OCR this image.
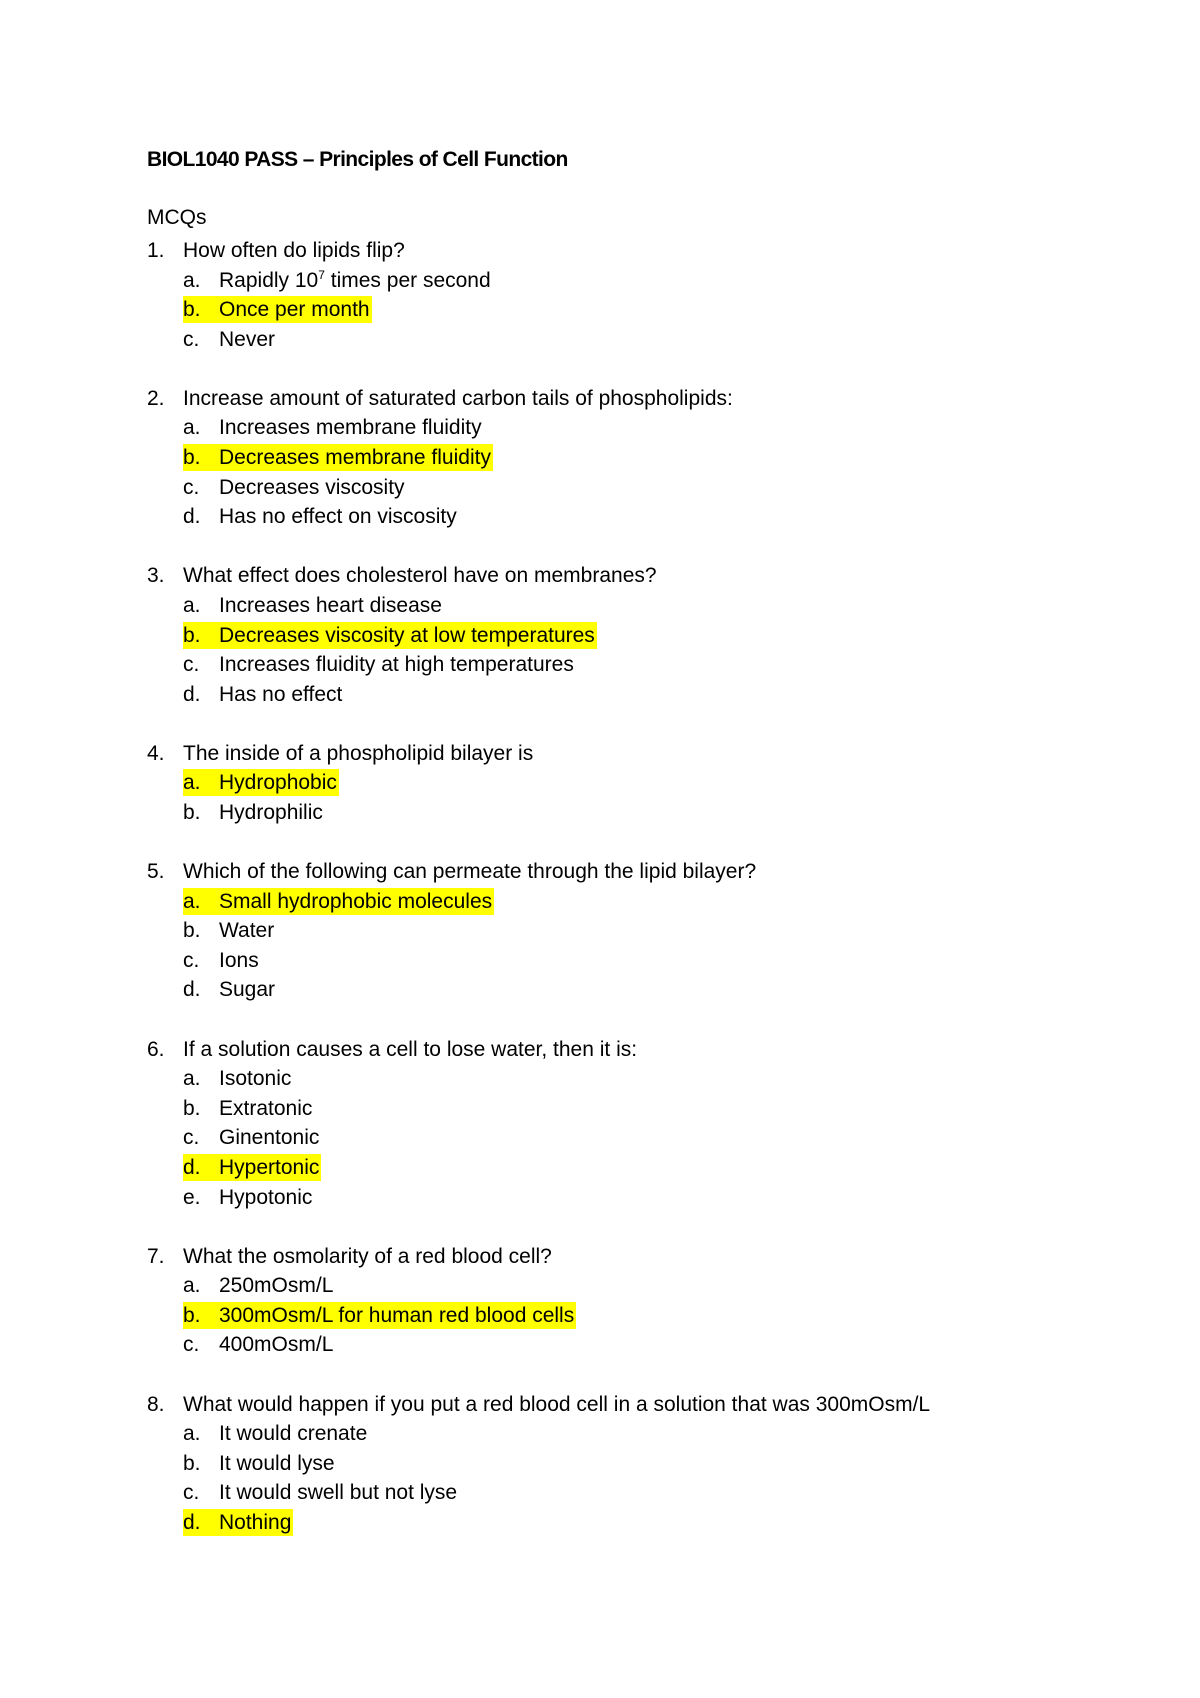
BIOL1040 PASS – Principles of Cell Function
MCQs
1. How often do lipids flip?
a. Rapidly $10^7$ times per second
b. Once per month
c. Never
2. Increase amount of saturated carbon tails of phospholipids:
a. Increases membrane fluidity
b. Decreases membrane fluidity
c. Decreases viscosity
d. Has no effect on viscosity
3. What effect does cholesterol have on membranes?
a. Increases heart disease
b. Decreases viscosity at low temperatures
c. Increases fluidity at high temperatures
d. Has no effect
4. The inside of a phospholipid bilayer is
a. Hydrophobic
b. Hydrophilic
5. Which of the following can permeate through the lipid bilayer?
a. Small hydrophobic molecules
b. Water
c. Ions
d. Sugar
6. If a solution causes a cell to lose water, then it is:
a. Isotonic
b. Extratonic
c. Ginentonic
d. Hypertonic
e. Hypotonic
7. What the osmolarity of a red blood cell?
a. 250mOsm/L
b. 300mOsm/L for human red blood cells
c. 400mOsm/L
8. What would happen if you put a red blood cell in a solution that was 300mOsm/L
a. It would crenate
b. It would lyse
c. It would swell but not lyse
d. Nothing
